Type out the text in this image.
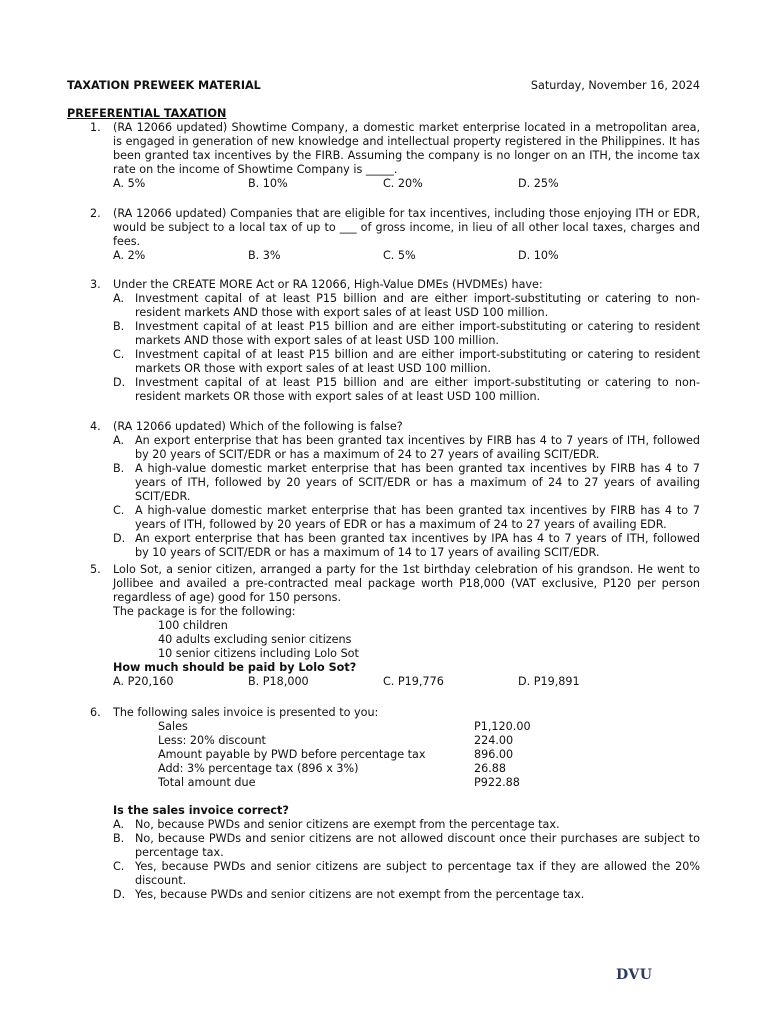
TAXATION PREWEEK MATERIAL	Saturday, November 16, 2024
PREFERENTIAL TAXATION
1. (RA 12066 updated) Showtime Company, a domestic market enterprise located in a metropolitan area, is engaged in generation of new knowledge and intellectual property registered in the Philippines. It has been granted tax incentives by the FIRB. Assuming the company is no longer on an ITH, the income tax rate on the income of Showtime Company is _____.
A. 5%	B. 10%	C. 20%	D. 25%
2. (RA 12066 updated) Companies that are eligible for tax incentives, including those enjoying ITH or EDR, would be subject to a local tax of up to ___ of gross income, in lieu of all other local taxes, charges and fees.
A. 2%	B. 3%	C. 5%	D. 10%
3. Under the CREATE MORE Act or RA 12066, High-Value DMEs (HVDMEs) have:
A. Investment capital of at least P15 billion and are either import-substituting or catering to non-resident markets AND those with export sales of at least USD 100 million.
B. Investment capital of at least P15 billion and are either import-substituting or catering to resident markets AND those with export sales of at least USD 100 million.
C. Investment capital of at least P15 billion and are either import-substituting or catering to resident markets OR those with export sales of at least USD 100 million.
D. Investment capital of at least P15 billion and are either import-substituting or catering to non-resident markets OR those with export sales of at least USD 100 million.
4. (RA 12066 updated) Which of the following is false?
A. An export enterprise that has been granted tax incentives by FIRB has 4 to 7 years of ITH, followed by 20 years of SCIT/EDR or has a maximum of 24 to 27 years of availing SCIT/EDR.
B. A high-value domestic market enterprise that has been granted tax incentives by FIRB has 4 to 7 years of ITH, followed by 20 years of SCIT/EDR or has a maximum of 24 to 27 years of availing SCIT/EDR.
C. A high-value domestic market enterprise that has been granted tax incentives by FIRB has 4 to 7 years of ITH, followed by 20 years of EDR or has a maximum of 24 to 27 years of availing EDR.
D. An export enterprise that has been granted tax incentives by IPA has 4 to 7 years of ITH, followed by 10 years of SCIT/EDR or has a maximum of 14 to 17 years of availing SCIT/EDR.
5. Lolo Sot, a senior citizen, arranged a party for the 1st birthday celebration of his grandson. He went to Jollibee and availed a pre-contracted meal package worth P18,000 (VAT exclusive, P120 per person regardless of age) good for 150 persons.
The package is for the following:
100 children
40 adults excluding senior citizens
10 senior citizens including Lolo Sot
How much should be paid by Lolo Sot?
A. P20,160	B. P18,000	C. P19,776	D. P19,891
6. The following sales invoice is presented to you:
Sales	P1,120.00
Less: 20% discount	224.00
Amount payable by PWD before percentage tax	896.00
Add: 3% percentage tax (896 x 3%)	26.88
Total amount due	P922.88
Is the sales invoice correct?
A. No, because PWDs and senior citizens are exempt from the percentage tax.
B. No, because PWDs and senior citizens are not allowed discount once their purchases are subject to percentage tax.
C. Yes, because PWDs and senior citizens are subject to percentage tax if they are allowed the 20% discount.
D. Yes, because PWDs and senior citizens are not exempt from the percentage tax.
DVU
